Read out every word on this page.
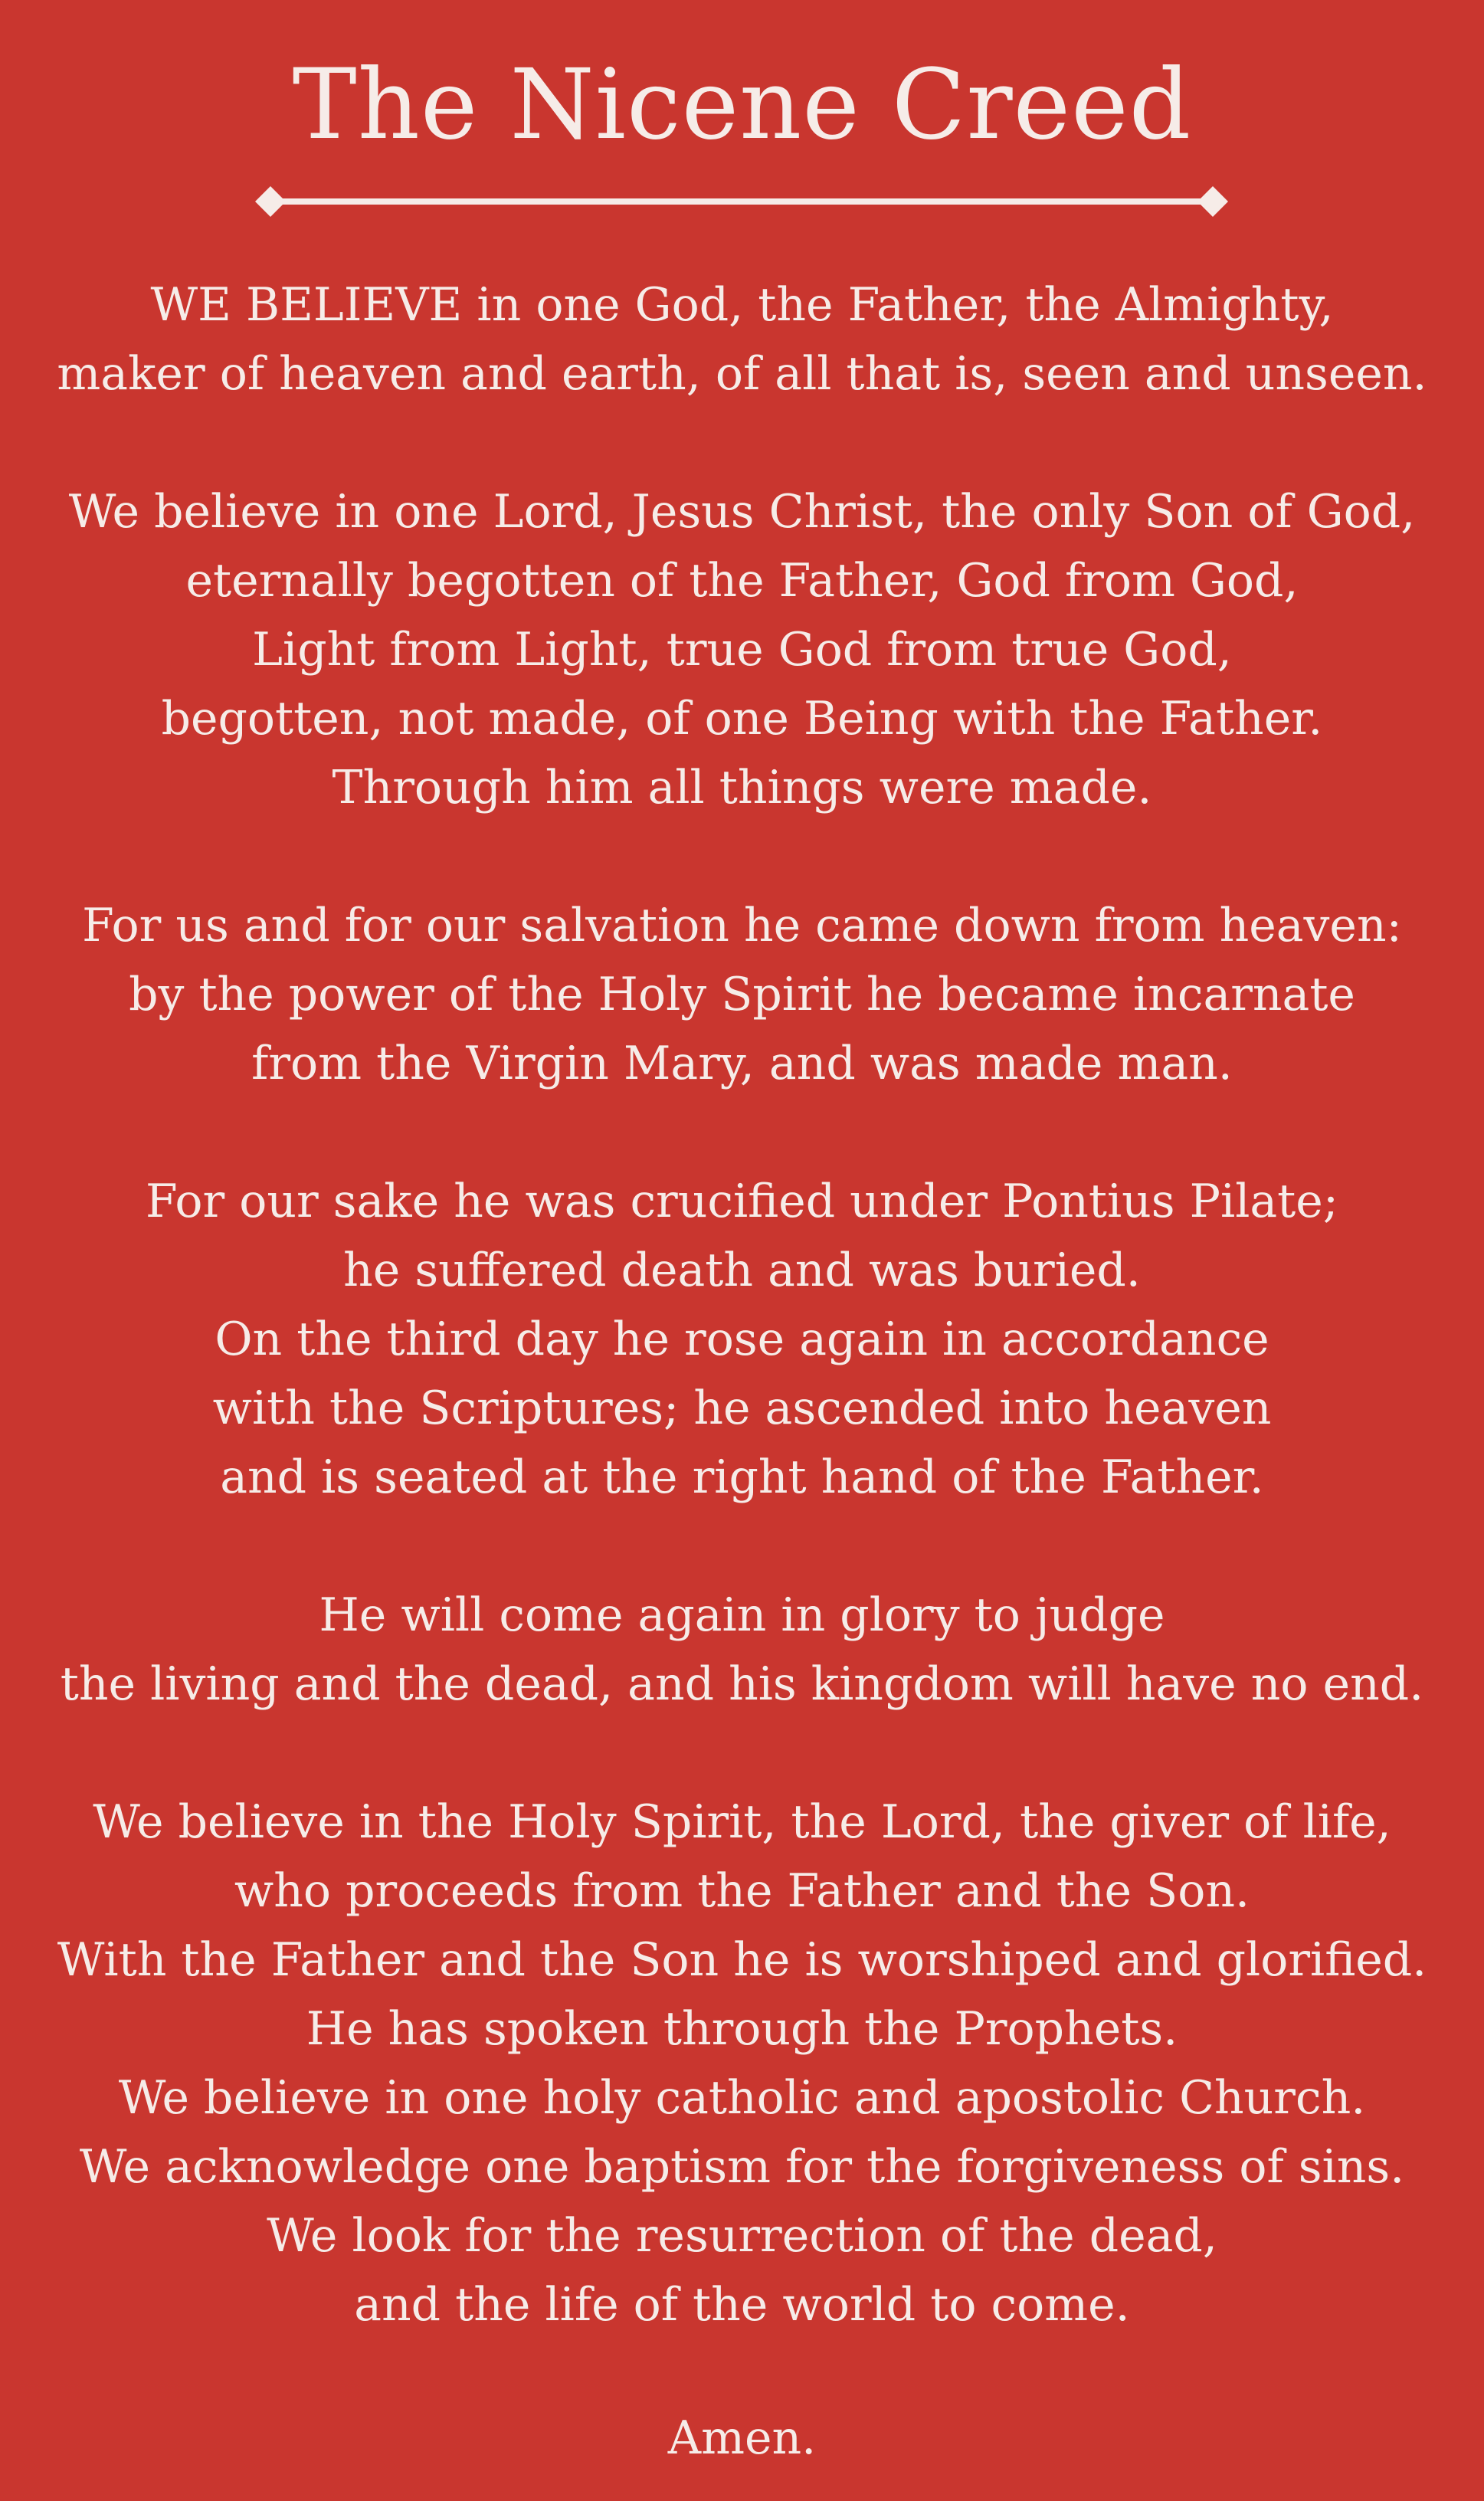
The Nicene Creed
WE BELIEVE in one God, the Father, the Almighty,
maker of heaven and earth, of all that is, seen and unseen.
We believe in one Lord, Jesus Christ, the only Son of God,
eternally begotten of the Father, God from God,
Light from Light, true God from true God,
begotten, not made, of one Being with the Father.
Through him all things were made.
For us and for our salvation he came down from heaven:
by the power of the Holy Spirit he became incarnate
from the Virgin Mary, and was made man.
For our sake he was crucified under Pontius Pilate;
he suffered death and was buried.
On the third day he rose again in accordance
with the Scriptures; he ascended into heaven
and is seated at the right hand of the Father.
He will come again in glory to judge
the living and the dead, and his kingdom will have no end.
We believe in the Holy Spirit, the Lord, the giver of life,
who proceeds from the Father and the Son.
With the Father and the Son he is worshiped and glorified.
He has spoken through the Prophets.
We believe in one holy catholic and apostolic Church.
We acknowledge one baptism for the forgiveness of sins.
We look for the resurrection of the dead,
and the life of the world to come.
Amen.
